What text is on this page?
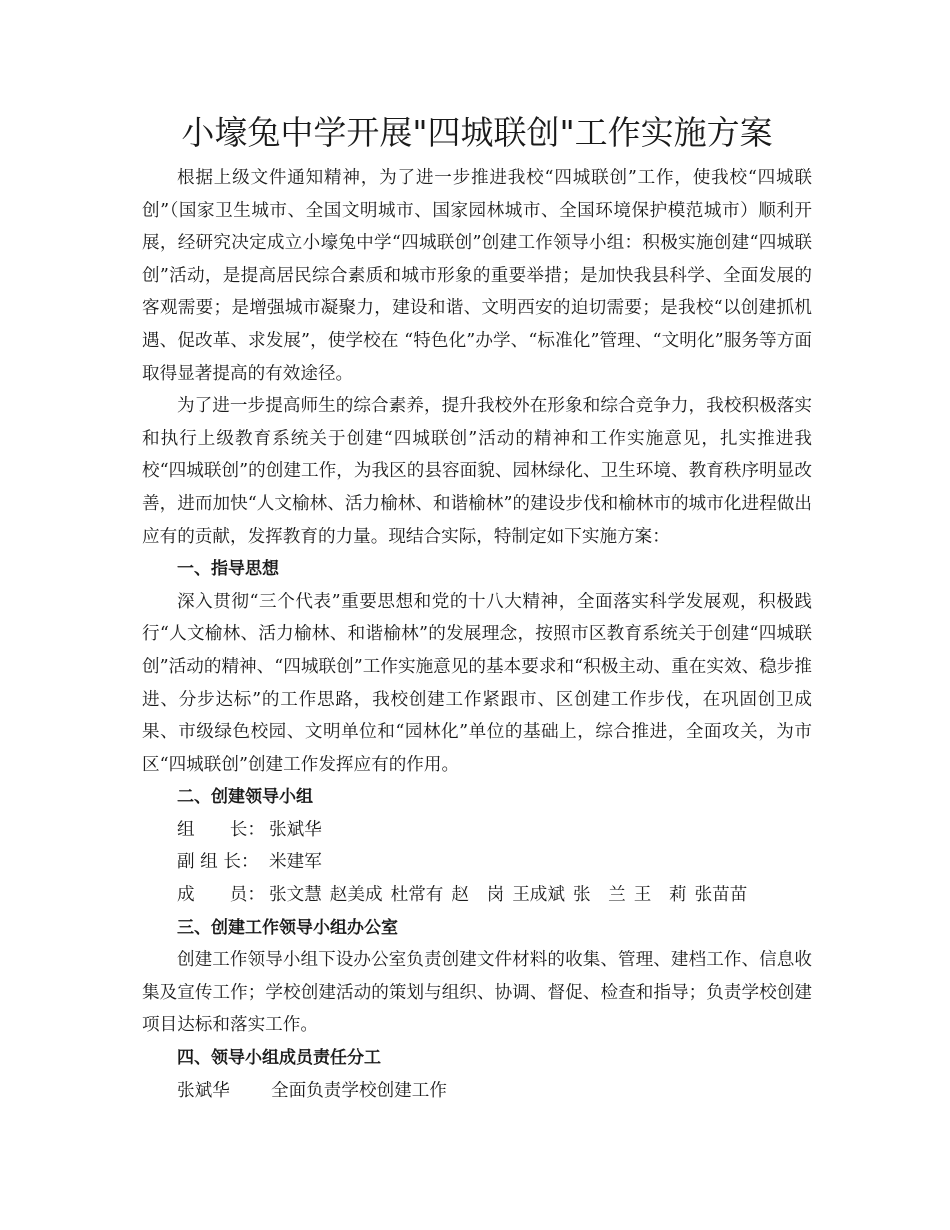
小壕兔中学开展"四城联创"工作实施方案

根据上级文件通知精神，为了进一步推进我校“四城联创”工作，使我校“四城联创”（国家卫生城市、全国文明城市、国家园林城市、全国环境保护模范城市）顺利开展，经研究决定成立小壕兔中学“四城联创”创建工作领导小组：积极实施创建“四城联创”活动，是提高居民综合素质和城市形象的重要举措；是加快我县科学、全面发展的客观需要；是增强城市凝聚力，建设和谐、文明西安的迫切需要；是我校“以创建抓机遇、促改革、求发展”，使学校在 “特色化”办学、“标准化”管理、“文明化”服务等方面取得显著提高的有效途径。

为了进一步提高师生的综合素养，提升我校外在形象和综合竞争力，我校积极落实和执行上级教育系统关于创建“四城联创”活动的精神和工作实施意见，扎实推进我校“四城联创”的创建工作，为我区的县容面貌、园林绿化、卫生环境、教育秩序明显改善，进而加快“人文榆林、活力榆林、和谐榆林”的建设步伐和榆林市的城市化进程做出应有的贡献，发挥教育的力量。现结合实际，特制定如下实施方案：

一、指导思想

深入贯彻“三个代表”重要思想和党的十八大精神，全面落实科学发展观，积极践行“人文榆林、活力榆林、和谐榆林”的发展理念，按照市区教育系统关于创建“四城联创”活动的精神、“四城联创”工作实施意见的基本要求和“积极主动、重在实效、稳步推进、分步达标”的工作思路，我校创建工作紧跟市、区创建工作步伐，在巩固创卫成果、市级绿色校园、文明单位和“园林化”单位的基础上，综合推进，全面攻关，为市区“四城联创”创建工作发挥应有的作用。

二、创建领导小组

组　　长： 张斌华

副 组 长： 米建军

成　　员： 张文慧 赵美成 杜常有 赵　岗 王成斌 张　兰 王　莉 张苗苗

三、创建工作领导小组办公室

创建工作领导小组下设办公室负责创建文件材料的收集、管理、建档工作、信息收集及宣传工作；学校创建活动的策划与组织、协调、督促、检查和指导；负责学校创建项目达标和落实工作。

四、领导小组成员责任分工

张斌华 全面负责学校创建工作
